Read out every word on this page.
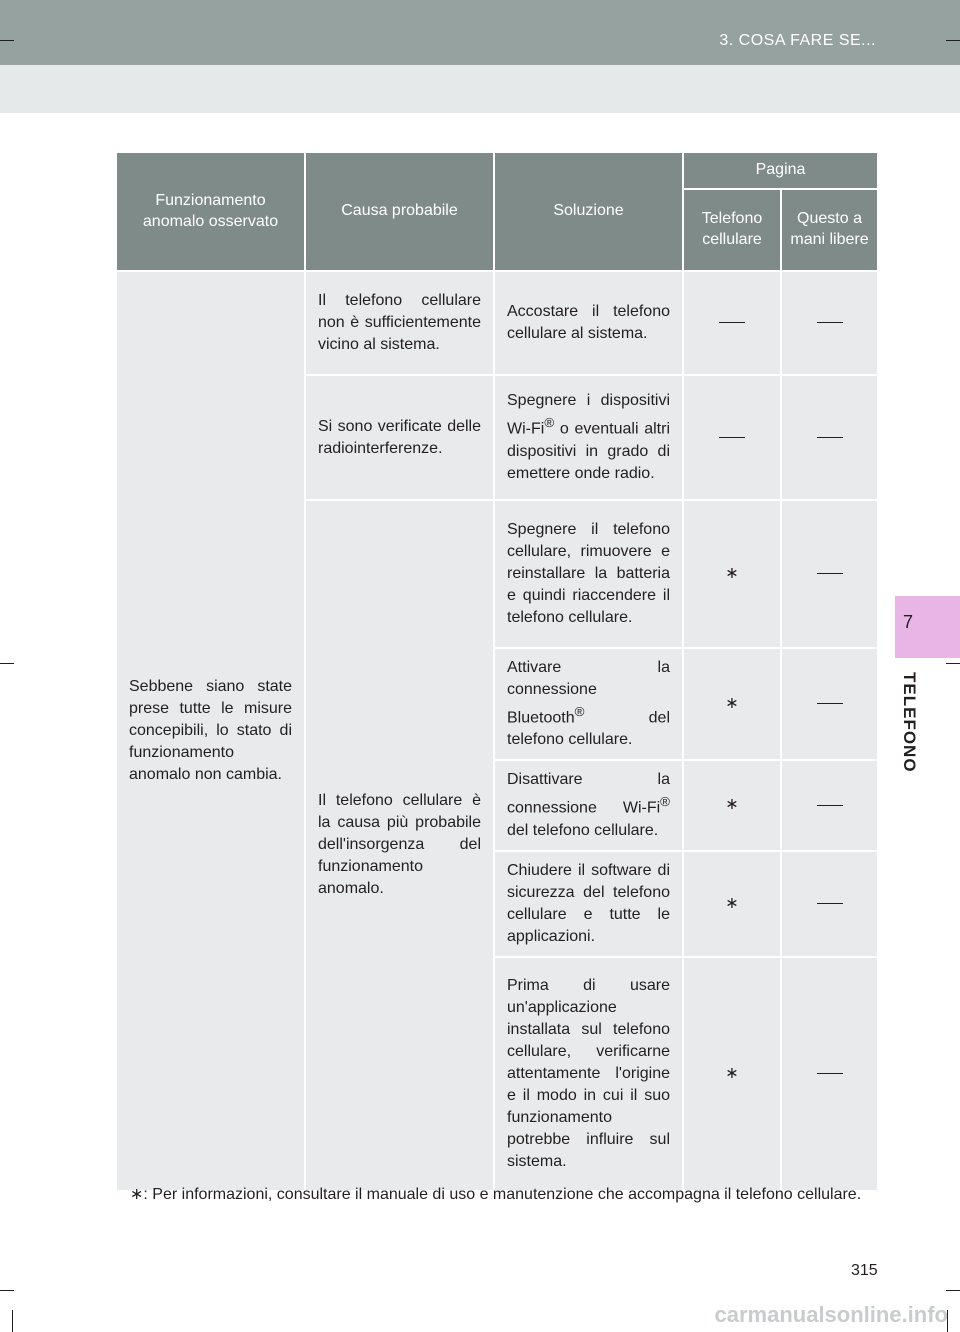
3. COSA FARE SE...
7
TELEFONO
Funzionamento anomalo osservato	Causa probabile	Soluzione	Pagina	
			Telefono cellulare	Questo a mani libere
Sebbene siano state prese tutte le misure concepibili, lo stato di funzionamento anomalo non cambia.	Il telefono cellulare non è sufficientemente vicino al sistema.	Accostare il telefono cellulare al sistema.		
	Si sono verificate delle radiointerferenze.	Spegnere i dispositivi Wi-Fi® o eventuali altri dispositivi in grado di emettere onde radio.		
	Il telefono cellulare è la causa più probabile dell'insorgenza del funzionamento anomalo.	Spegnere il telefono cellulare, rimuovere e reinstallare la batteria e quindi riaccendere il telefono cellulare.	∗	
		Attivare la connessione Bluetooth® del telefono cellulare.	∗	
		Disattivare la connessione Wi-Fi® del telefono cellulare.	∗	
		Chiudere il software di sicurezza del telefono cellulare e tutte le applicazioni.	∗	
		Prima di usare un'applicazione installata sul telefono cellulare, verificarne attentamente l'origine e il modo in cui il suo funzionamento potrebbe influire sul sistema.	∗	
∗: Per informazioni, consultare il manuale di uso e manutenzione che accompagna il telefono cellulare.
315
carmanualsonline.info
